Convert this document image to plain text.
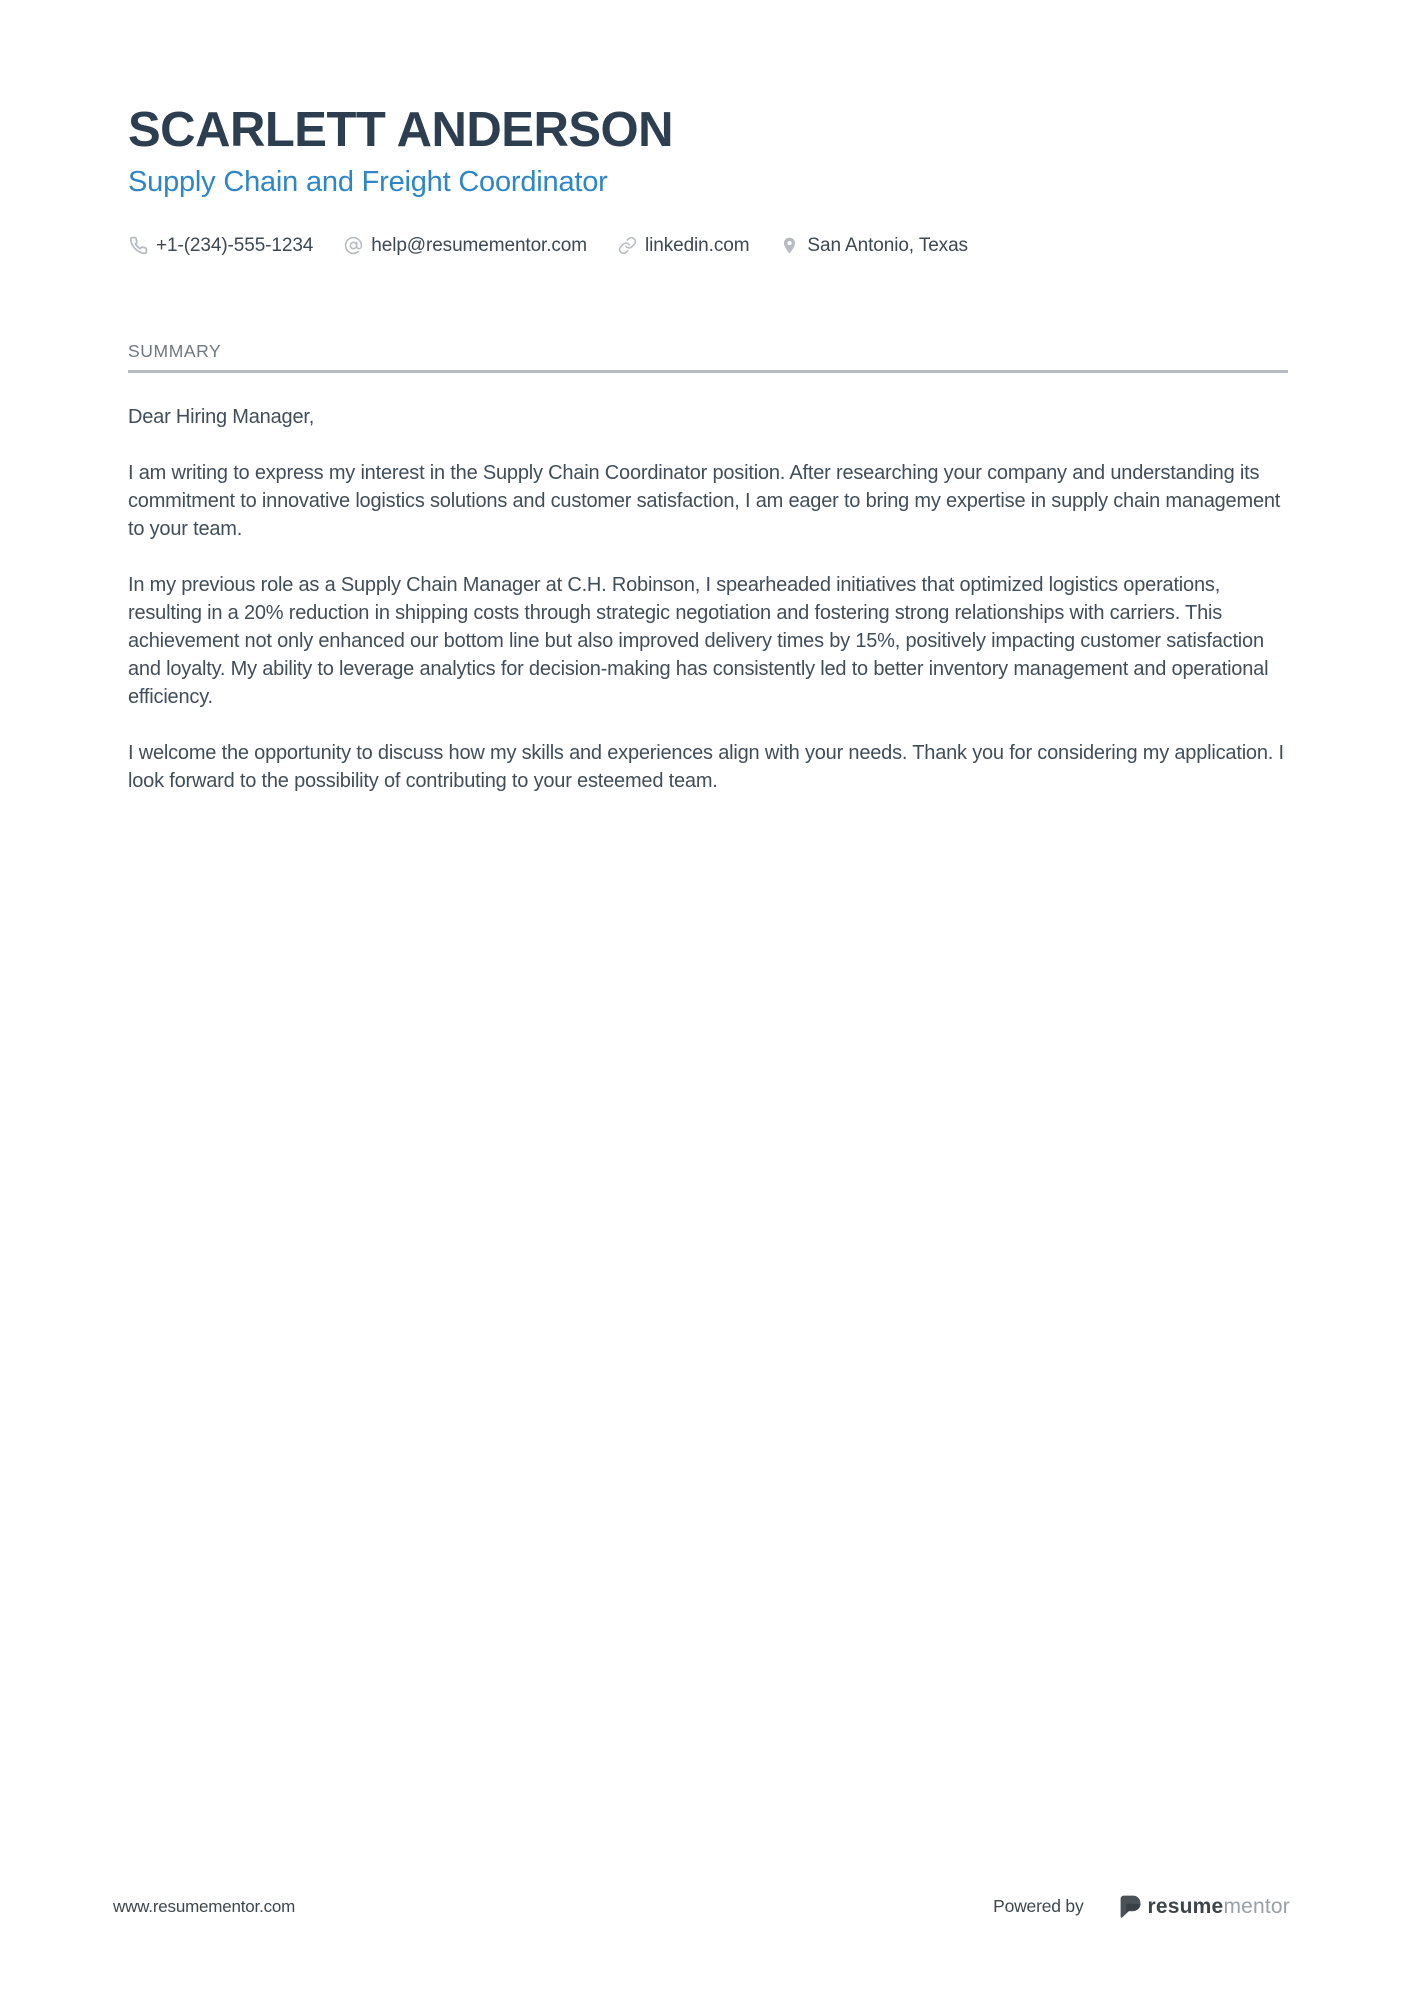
SCARLETT ANDERSON
Supply Chain and Freight Coordinator
+1-(234)-555-1234	help@resumementor.com	linkedin.com	San Antonio, Texas
SUMMARY

Dear Hiring Manager,

I am writing to express my interest in the Supply Chain Coordinator position. After researching your company and understanding its commitment to innovative logistics solutions and customer satisfaction, I am eager to bring my expertise in supply chain management to your team.

In my previous role as a Supply Chain Manager at C.H. Robinson, I spearheaded initiatives that optimized logistics operations, resulting in a 20% reduction in shipping costs through strategic negotiation and fostering strong relationships with carriers. This achievement not only enhanced our bottom line but also improved delivery times by 15%, positively impacting customer satisfaction and loyalty. My ability to leverage analytics for decision-making has consistently led to better inventory management and operational efficiency.

I welcome the opportunity to discuss how my skills and experiences align with your needs. Thank you for considering my application. I look forward to the possibility of contributing to your esteemed team.

www.resumementor.com	Powered by	resumementor
